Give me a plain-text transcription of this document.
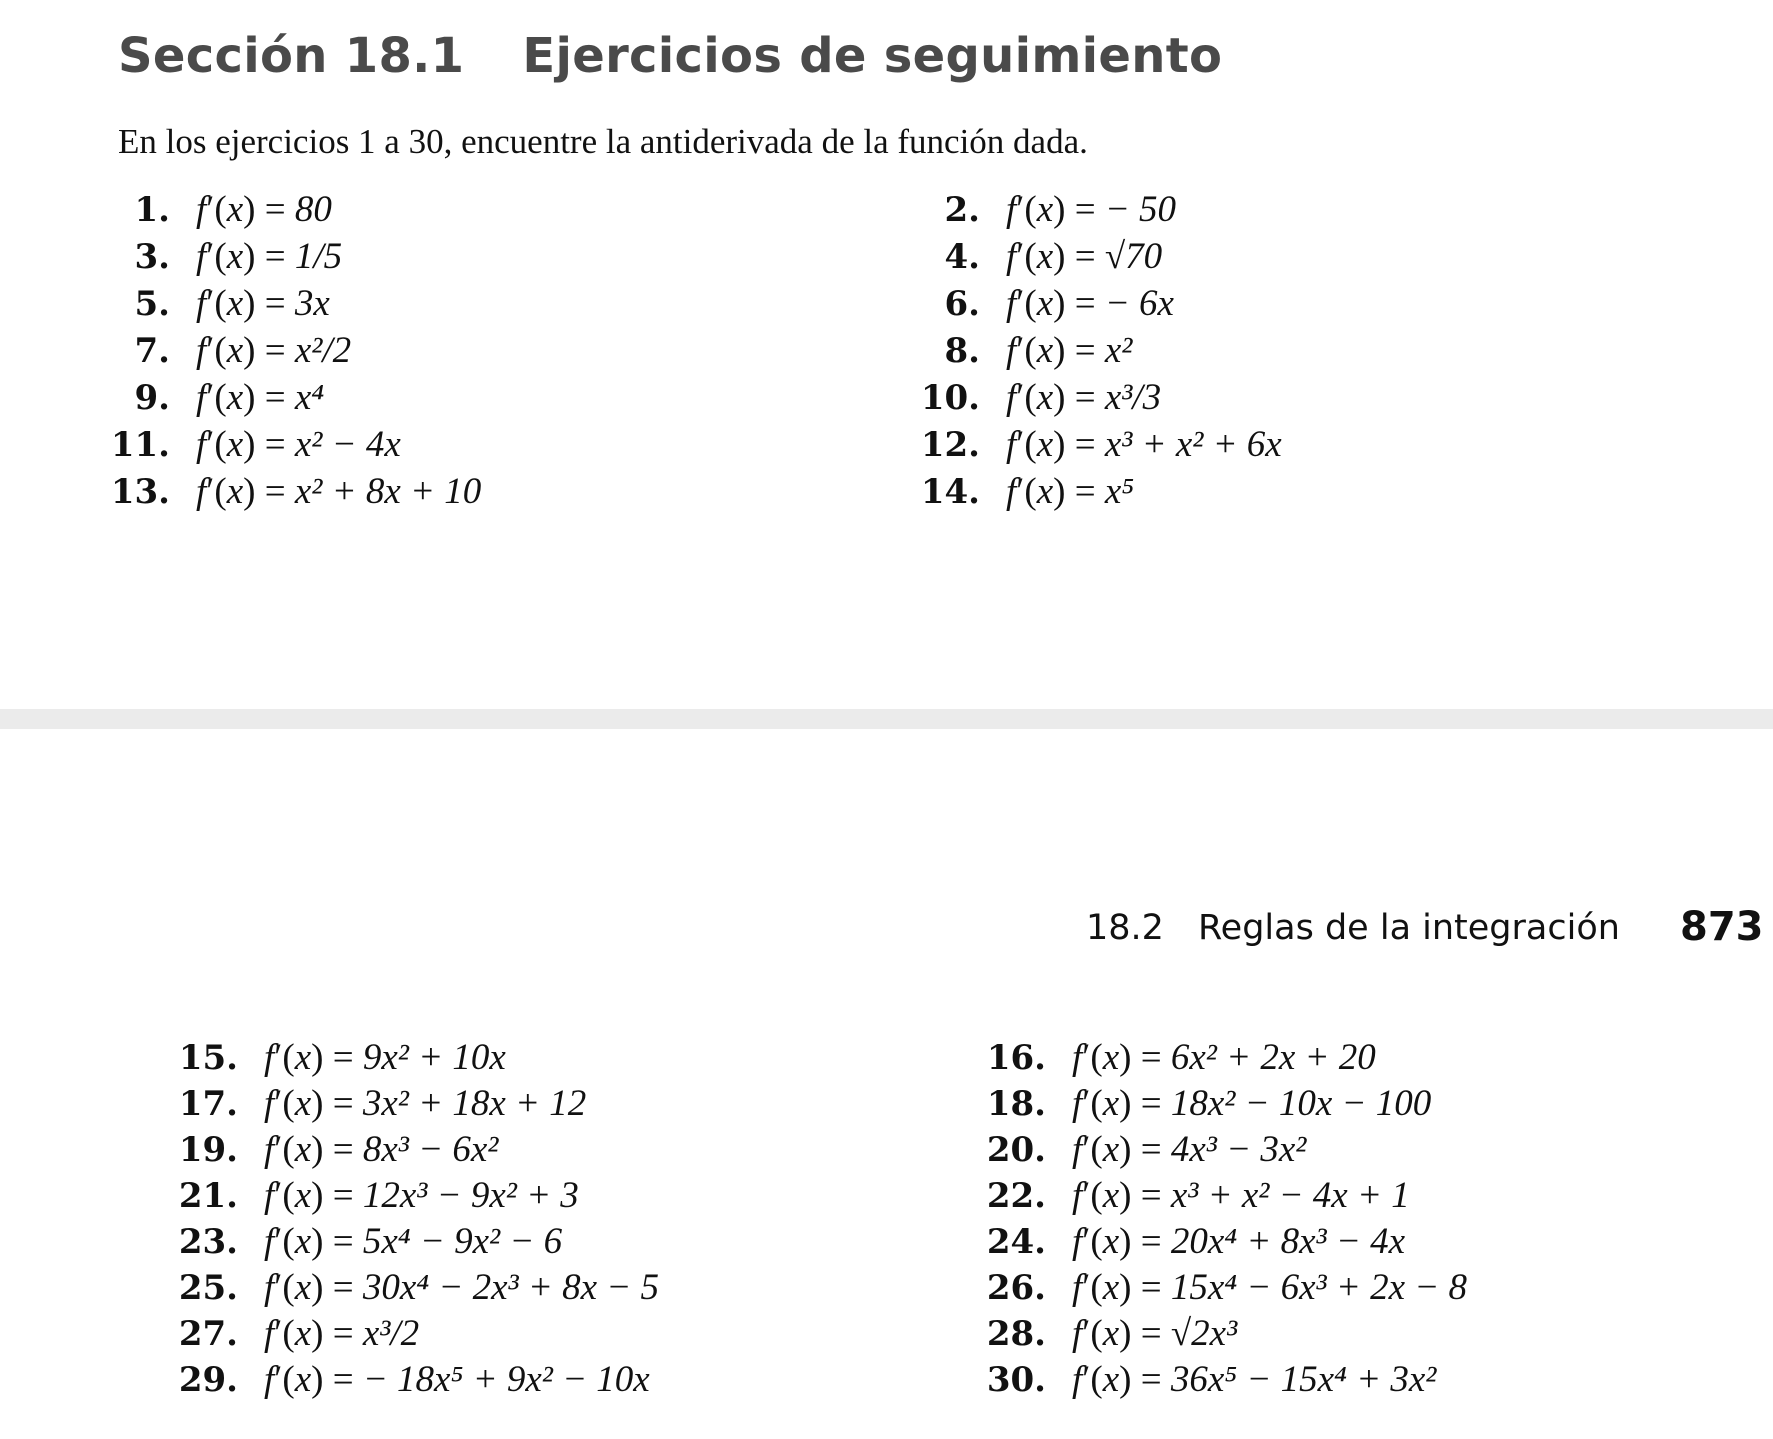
Sección 18.1 Ejercicios de seguimiento

En los ejercicios 1 a 30, encuentre la antiderivada de la función dada.

1. f′(x) = 80	2. f′(x) = − 50
3. f′(x) = 1/5	4. f′(x) = √70
5. f′(x) = 3x	6. f′(x) = − 6x
7. f′(x) = x²/2	8. f′(x) = x²
9. f′(x) = x⁴	10. f′(x) = x³/3
11. f′(x) = x² − 4x	12. f′(x) = x³ + x² + 6x
13. f′(x) = x² + 8x + 10	14. f′(x) = x⁵
18.2 Reglas de la integración 873
15. f′(x) = 9x² + 10x	16. f′(x) = 6x² + 2x + 20
17. f′(x) = 3x² + 18x + 12	18. f′(x) = 18x² − 10x − 100
19. f′(x) = 8x³ − 6x²	20. f′(x) = 4x³ − 3x²
21. f′(x) = 12x³ − 9x² + 3	22. f′(x) = x³ + x² − 4x + 1
23. f′(x) = 5x⁴ − 9x² − 6	24. f′(x) = 20x⁴ + 8x³ − 4x
25. f′(x) = 30x⁴ − 2x³ + 8x − 5	26. f′(x) = 15x⁴ − 6x³ + 2x − 8
27. f′(x) = x³/2	28. f′(x) = √2x³
29. f′(x) = − 18x⁵ + 9x² − 10x	30. f′(x) = 36x⁵ − 15x⁴ + 3x²
